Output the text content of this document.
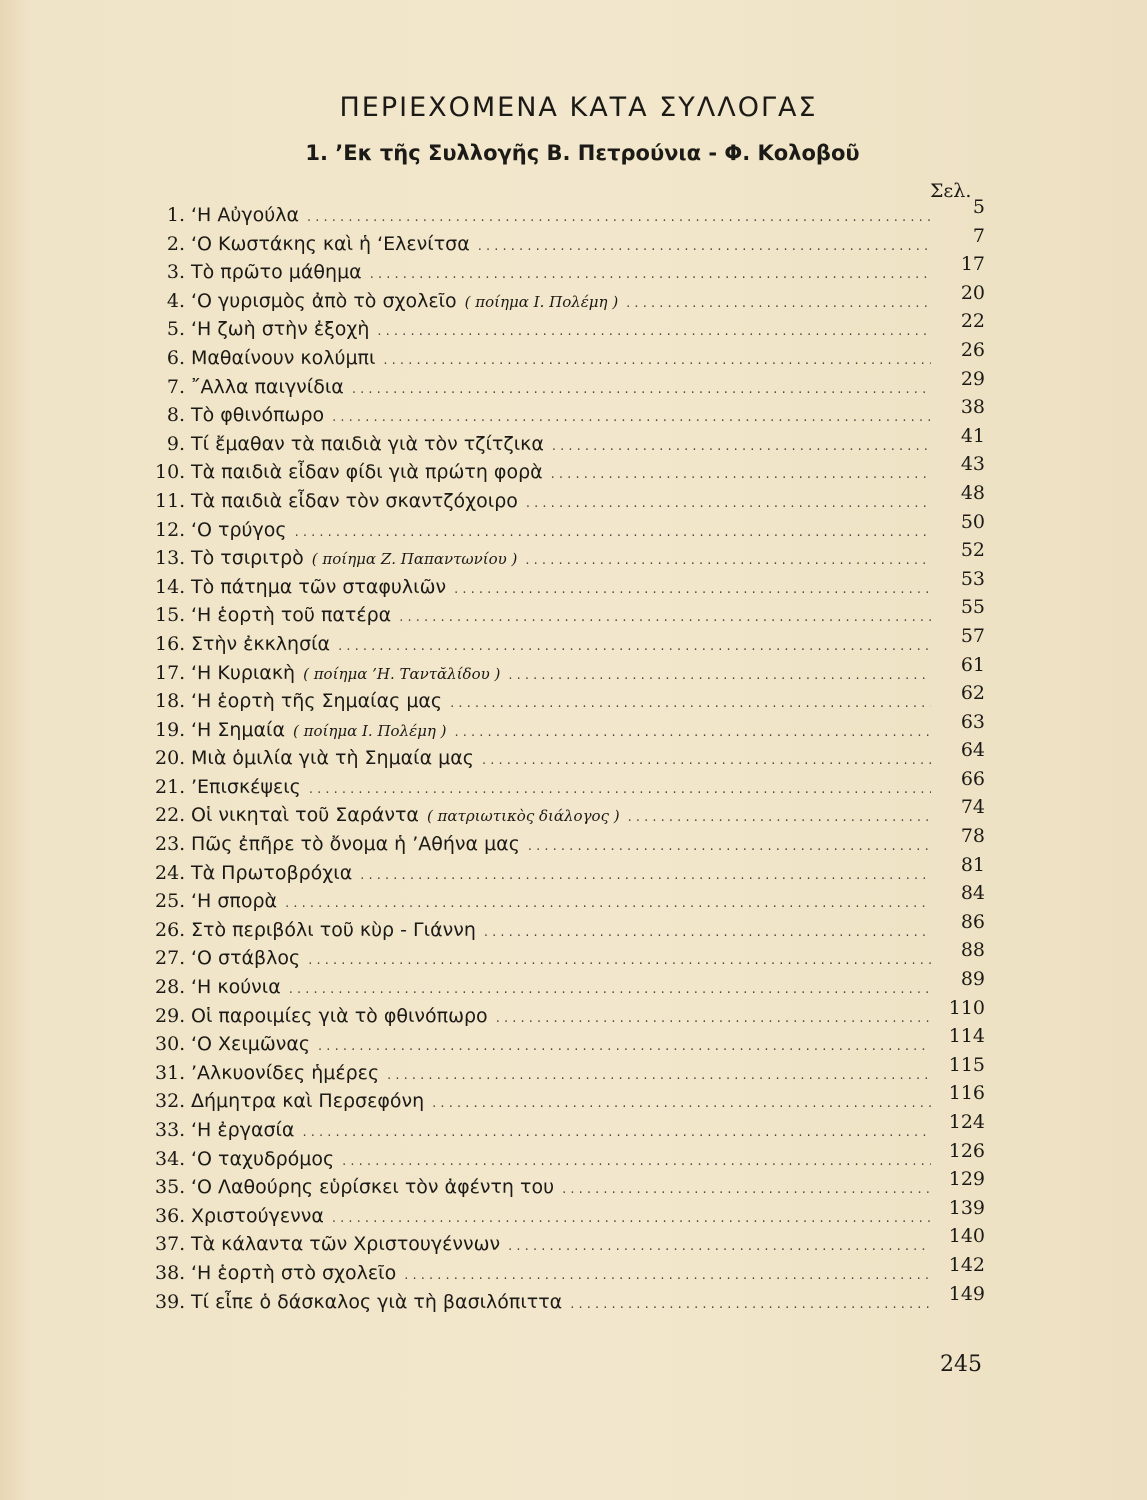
ΠΕΡΙΕΧΟΜΕΝΑ ΚΑΤΑ ΣΥΛΛΟΓΑΣ
1. ’Εκ τῆς Συλλογῆς Β. Πετρούνια - Φ. Κολοβοῦ
Σελ.
1. ‘Η Αὐγούλα . . .	5
2. ‘Ο Κωστάκης καὶ ἡ ‘Ελενίτσα . . .	7
3. Τὸ πρῶτο μάθημα . . .	17
4. ‘Ο γυρισμὸς ἀπὸ τὸ σχολεῖο ( ποίημα Ι. Πολέμη ) . . .	20
5. ‘Η ζωὴ στὴν ἐξοχὴ . . .	22
6. Μαθαίνουν κολύμπι . . .	26
7. ῎Αλλα παιγνίδια . . .	29
8. Τὸ φθινόπωρο . . .	38
9. Τί ἔμαθαν τὰ παιδιὰ γιὰ τὸν τζίτζικα . . .	41
10. Τὰ παιδιὰ εἶδαν φίδι γιὰ πρώτη φορὰ . . .	43
11. Τὰ παιδιὰ εἶδαν τὸν σκαντζόχοιρο . . .	48
12. ‘Ο τρύγος . . .	50
13. Τὸ τσιριτρὸ ( ποίημα Ζ. Παπαντωνίου ) . . .	52
14. Τὸ πάτημα τῶν σταφυλιῶν . . .	53
15. ‘Η ἑορτὴ τοῦ πατέρα . . .	55
16. Στὴν ἐκκλησία . . .	57
17. ‘Η Κυριακὴ ( ποίημα ’Η. Ταντᾰλίδου ) . . .	61
18. ‘Η ἑορτὴ τῆς Σημαίας μας . . .	62
19. ‘Η Σημαία ( ποίημα Ι. Πολέμη ) . . .	63
20. Μιὰ ὁμιλία γιὰ τὴ Σημαία μας . . .	64
21. ’Επισκέψεις . . .	66
22. Οἱ νικηταὶ τοῦ Σαράντα ( πατριωτικὸς διάλογος ) . . .	74
23. Πῶς ἐπῆρε τὸ ὄνομα ἡ ’Αθήνα μας . . .	78
24. Τὰ Πρωτοβρόχια . . .	81
25. ‘Η σπορὰ . . .	84
26. Στὸ περιβόλι τοῦ κὺρ - Γιάννη . . .	86
27. ‘Ο στάβλος . . .	88
28. ‘Η κούνια . . .	89
29. Οἱ παροιμίες γιὰ τὸ φθινόπωρο . . .	110
30. ‘Ο Χειμῶνας . . .	114
31. ’Αλκυονίδες ἡμέρες . . .	115
32. Δήμητρα καὶ Περσεφόνη . . .	116
33. ‘Η ἐργασία . . .	124
34. ‘Ο ταχυδρόμος . . .	126
35. ‘Ο Λαθούρης εὑρίσκει τὸν ἀφέντη του . . .	129
36. Χριστούγεννα . . .	139
37. Τὰ κάλαντα τῶν Χριστουγέννων . . .	140
38. ‘Η ἑορτὴ στὸ σχολεῖο . . .	142
39. Τί εἶπε ὁ δάσκαλος γιὰ τὴ βασιλόπιττα . . .	149
245
